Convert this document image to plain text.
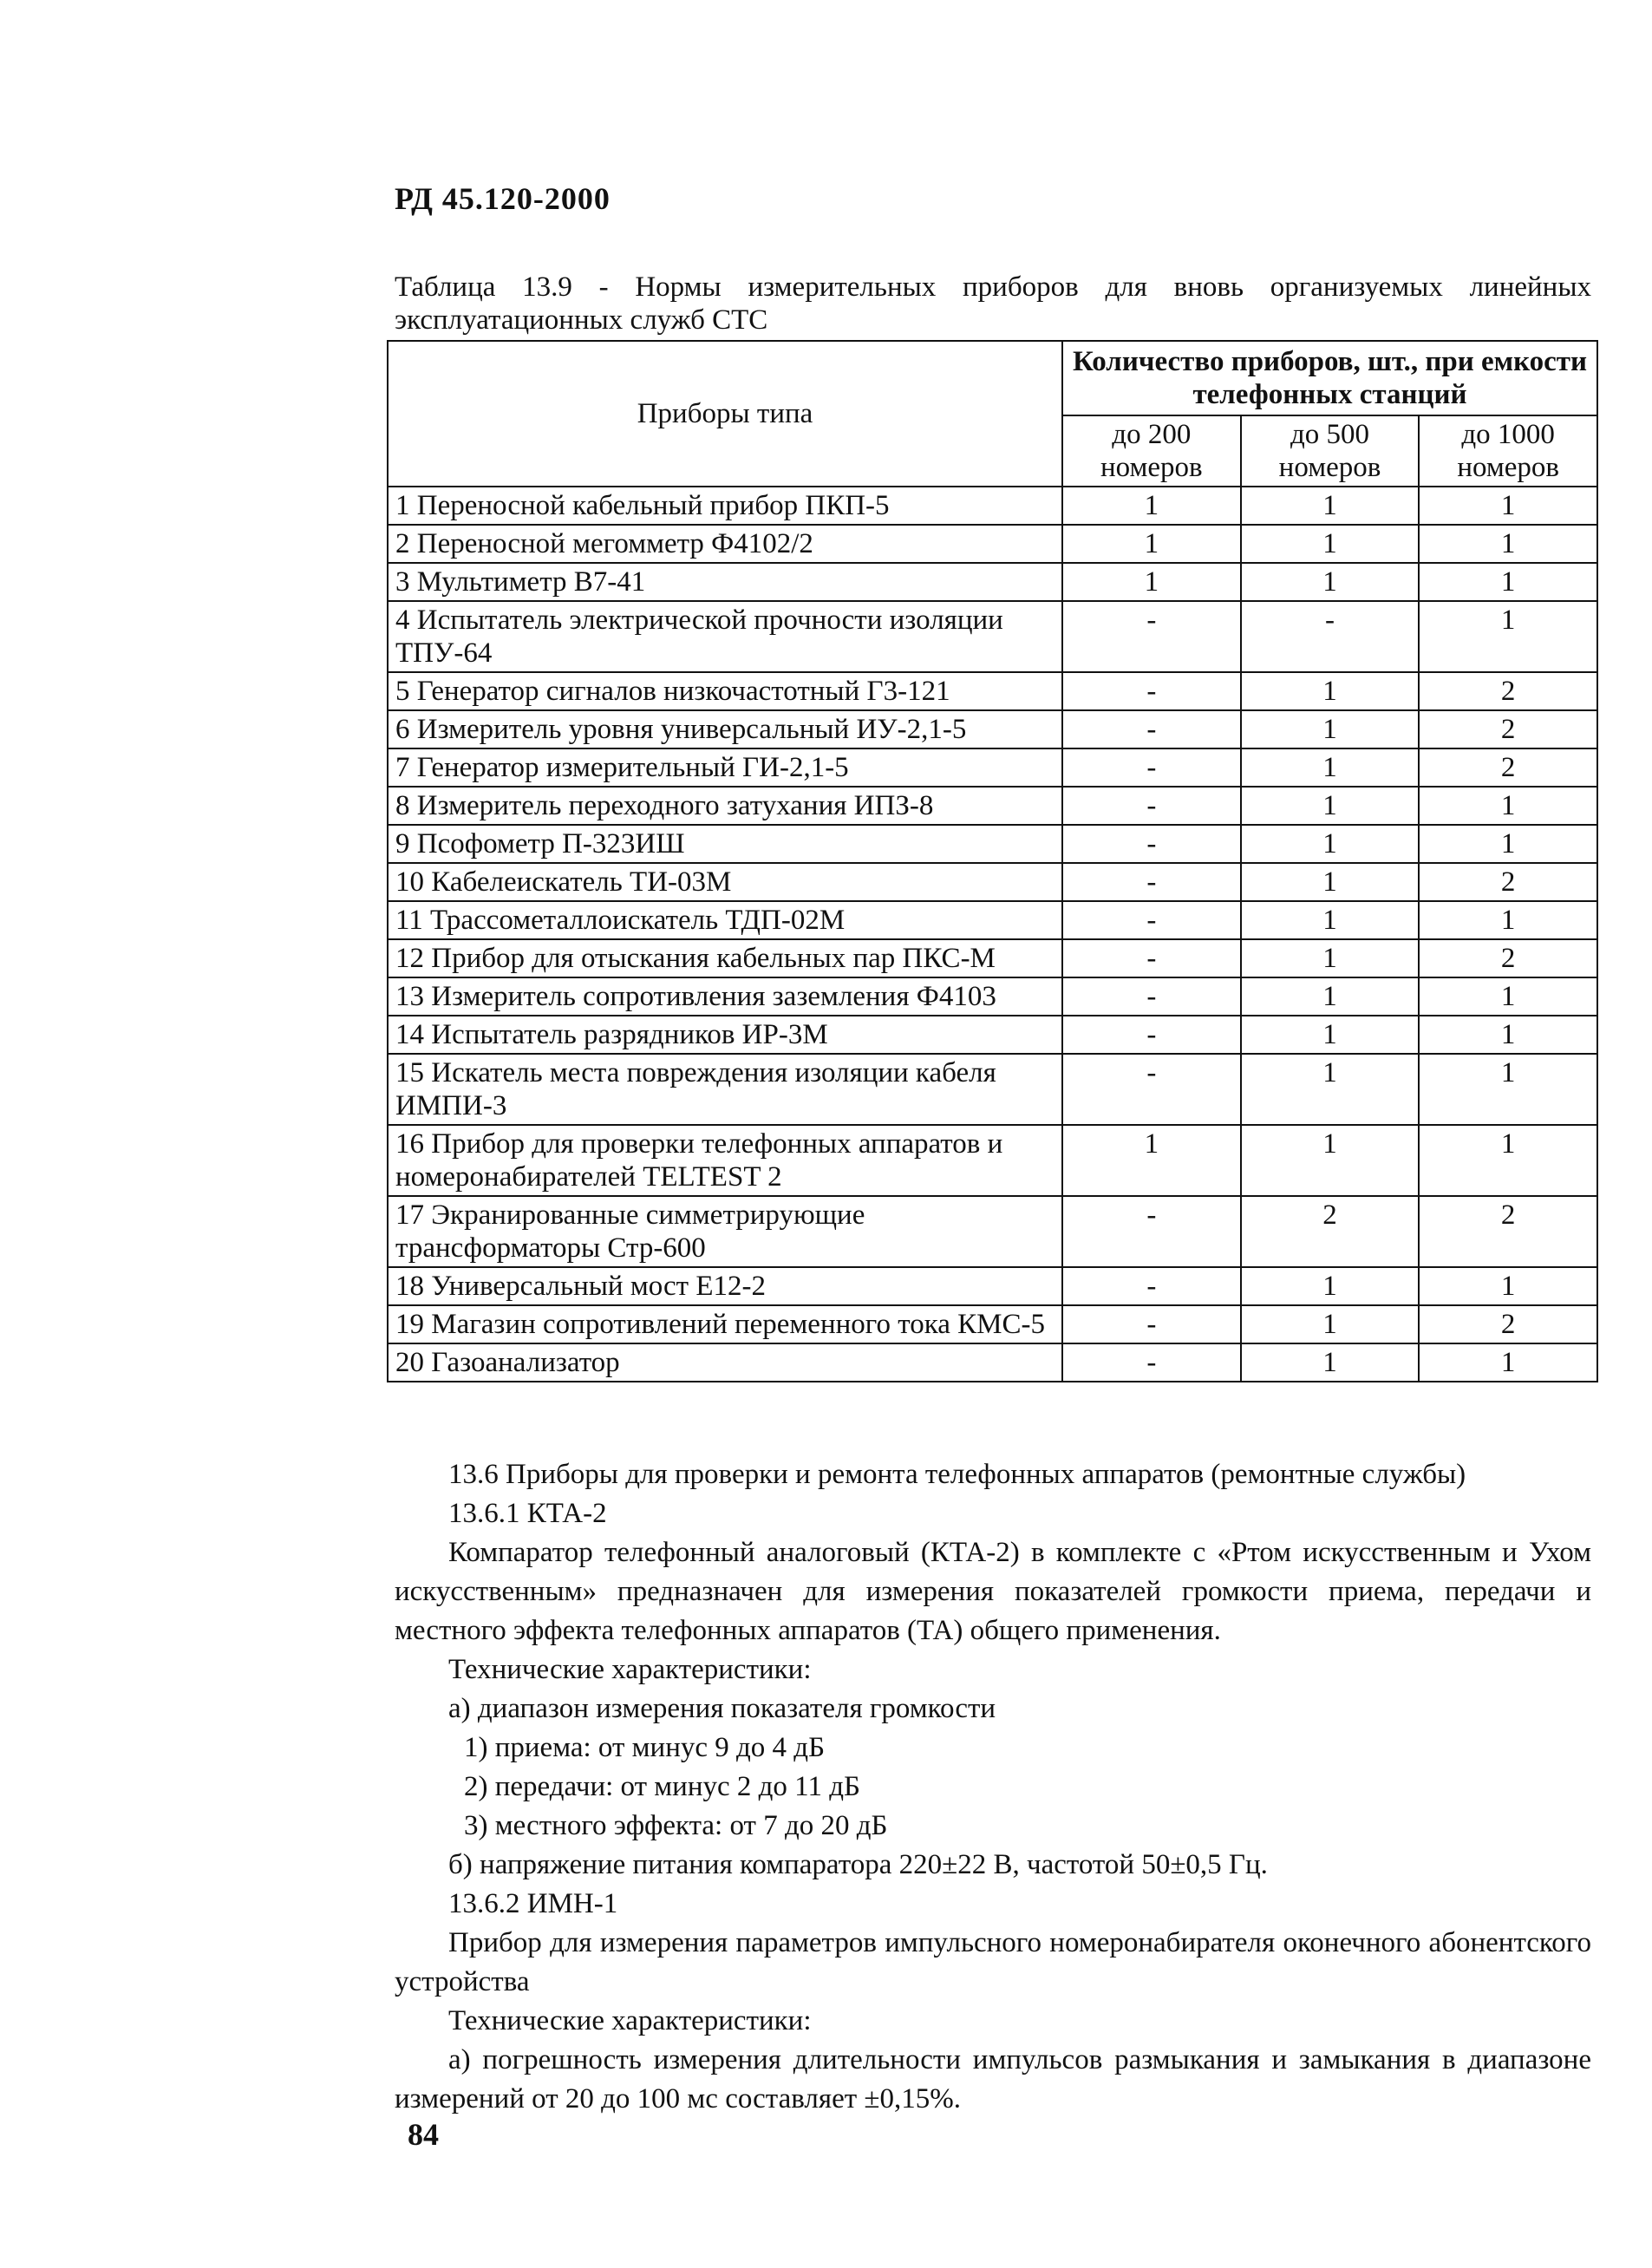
РД 45.120-2000
Таблица 13.9 - Нормы измерительных приборов для вновь организуемых линейных эксплуатационных служб СТС
Приборы типа	Количество приборов, шт., при емкости телефонных станций		
	до 200 номеров	до 500 номеров	до 1000 номеров
1 Переносной кабельный прибор ПКП-5	1	1	1
2 Переносной мегомметр Ф4102/2	1	1	1
3 Мультиметр В7-41	1	1	1
4 Испытатель электрической прочности изоляции ТПУ-64	-	-	1
5 Генератор сигналов низкочастотный Г3-121	-	1	2
6 Измеритель уровня универсальный ИУ-2,1-5	-	1	2
7 Генератор измерительный ГИ-2,1-5	-	1	2
8 Измеритель переходного затухания ИПЗ-8	-	1	1
9 Псофометр П-323ИШ	-	1	1
10 Кабелеискатель ТИ-03М	-	1	2
11 Трассометаллоискатель ТДП-02М	-	1	1
12 Прибор для отыскания кабельных пар ПКС-М	-	1	2
13 Измеритель сопротивления заземления Ф4103	-	1	1
14 Испытатель разрядников ИР-3М	-	1	1
15 Искатель места повреждения изоляции кабеля ИМПИ-3	-	1	1
16 Прибор для проверки телефонных аппаратов и номеронабирателей TELTEST 2	1	1	1
17 Экранированные симметрирующие трансформаторы Стр-600	-	2	2
18 Универсальный мост Е12-2	-	1	1
19 Магазин сопротивлений переменного тока КМС-5	-	1	2
20 Газоанализатор	-	1	1

13.6 Приборы для проверки и ремонта телефонных аппаратов (ремонтные службы)

13.6.1 КТА-2

Компаратор телефонный аналоговый (КТА-2) в комплекте с «Ртом искусственным и Ухом искусственным» предназначен для измерения показателей громкости приема, передачи и местного эффекта телефонных аппаратов (ТА) общего применения.

Технические характеристики:

а) диапазон измерения показателя громкости

1) приема: от минус 9 до 4 дБ

2) передачи: от минус 2 до 11 дБ

3) местного эффекта: от 7 до 20 дБ

б) напряжение питания компаратора 220±22 В, частотой 50±0,5 Гц.

13.6.2 ИМН-1

Прибор для измерения параметров импульсного номеронабирателя оконечного абонентского устройства

Технические характеристики:

а) погрешность измерения длительности импульсов размыкания и замыкания в диапазоне измерений от 20 до 100 мс составляет ±0,15%.

84
